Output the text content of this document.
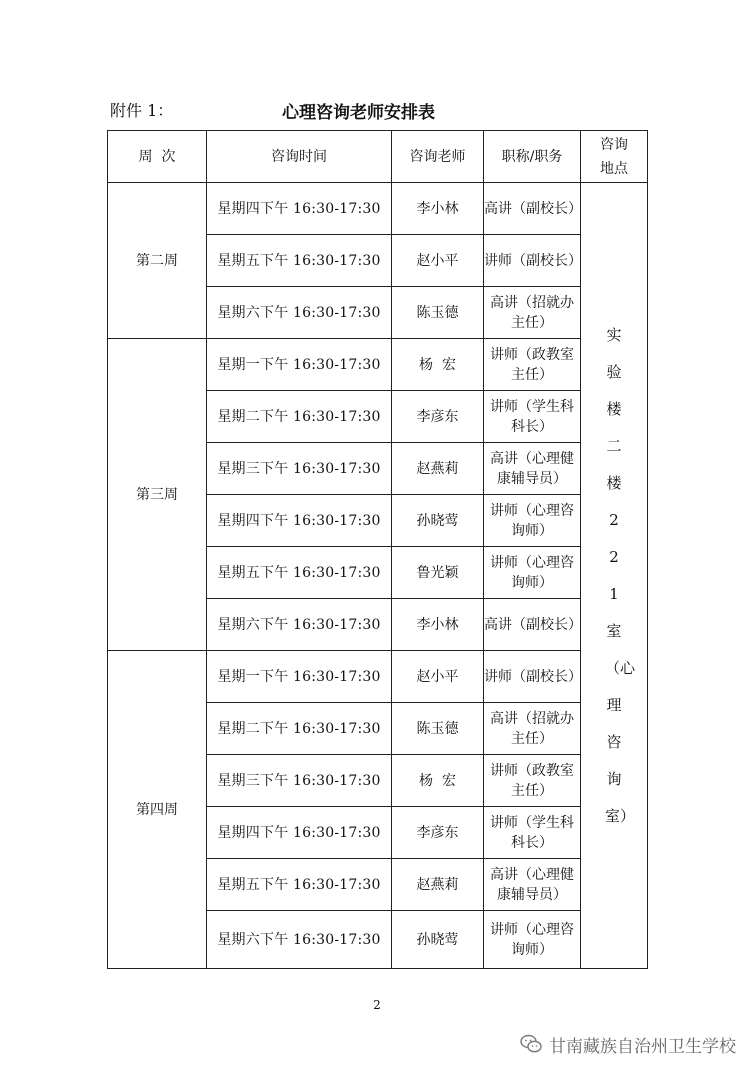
附件 1：	心理咨询老师安排表
周  次	咨询时间	咨询老师	职称/职务	咨询地点
第二周	星期四下午 16:30-17:30	李小林	高讲（副校长）	实验楼二楼221室（心理咨询室）
	星期五下午 16:30-17:30	赵小平	讲师（副校长）	
	星期六下午 16:30-17:30	陈玉德	高讲（招就办主任）	
第三周	星期一下午 16:30-17:30	杨  宏	讲师（政教室主任）	
	星期二下午 16:30-17:30	李彦东	讲师（学生科科长）	
	星期三下午 16:30-17:30	赵燕莉	高讲（心理健康辅导员）	
	星期四下午 16:30-17:30	孙晓莺	讲师（心理咨询师）	
	星期五下午 16:30-17:30	鲁光颖	讲师（心理咨询师）	
	星期六下午 16:30-17:30	李小林	高讲（副校长）	
第四周	星期一下午 16:30-17:30	赵小平	讲师（副校长）	
	星期二下午 16:30-17:30	陈玉德	高讲（招就办主任）	
	星期三下午 16:30-17:30	杨  宏	讲师（政教室主任）	
	星期四下午 16:30-17:30	李彦东	讲师（学生科科长）	
	星期五下午 16:30-17:30	赵燕莉	高讲（心理健康辅导员）	
	星期六下午 16:30-17:30	孙晓莺	讲师（心理咨询师）	
2
甘南藏族自治州卫生学校
